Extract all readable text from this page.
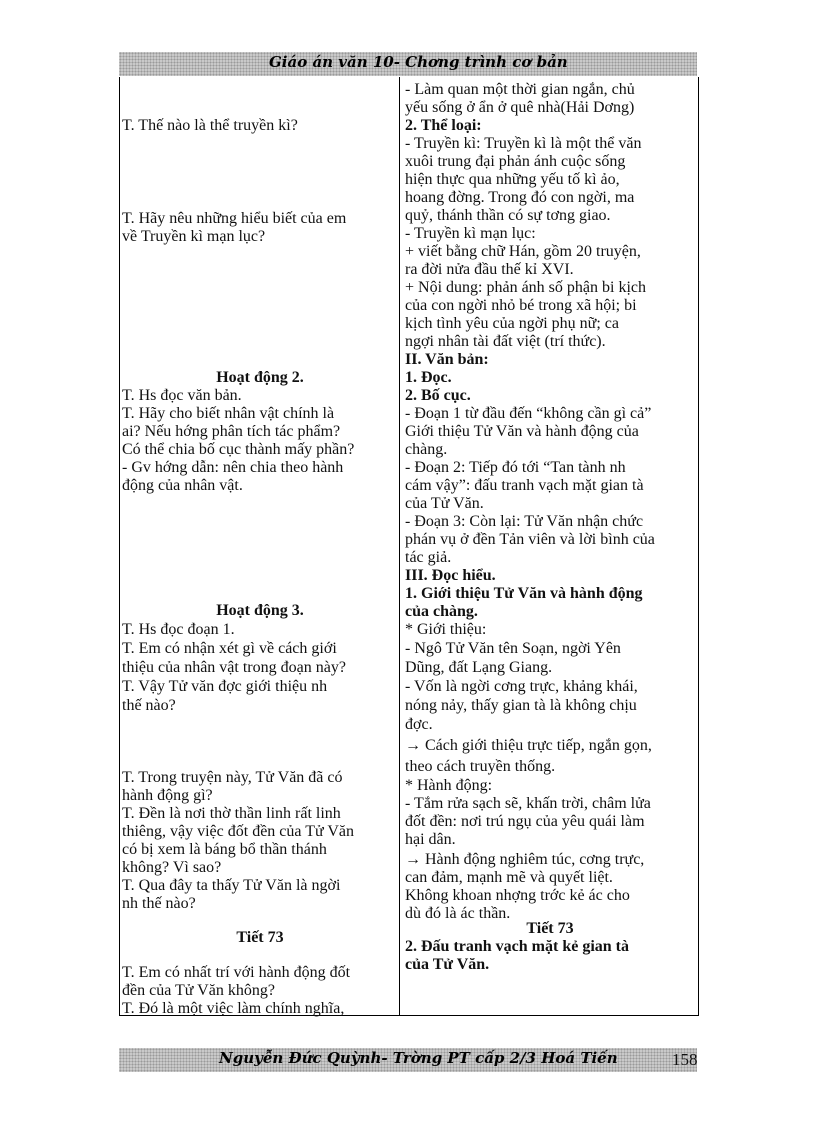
Giáo án văn 10- Chơng trình cơ bản
T. Thế nào là thể truyền kì?
T. Hãy nêu những hiểu biết của em
về Truyền kì mạn lục?
Hoạt động 2.
T. Hs đọc văn bản.
T. Hãy cho biết nhân vật chính là
ai? Nếu hớng phân tích tác phẩm?
Có thể chia bố cục thành mấy phần?
- Gv hớng dẫn: nên chia theo hành
động của nhân vật.
Hoạt động 3.
T. Hs đọc đoạn 1.
T. Em có nhận xét gì về cách giới
thiệu của nhân vật trong đoạn này?
T. Vậy Tử văn đợc giới thiệu nh
thế nào?
T. Trong truyện này, Tử Văn đã có
hành động gì?
T. Đền là nơi thờ thần linh rất linh
thiêng, vậy việc đốt đền của Tử Văn
có bị xem là báng bổ thần thánh
không? Vì sao?
T. Qua đây ta thấy Tử Văn là ngời
nh thế nào?
Tiết 73
T. Em có nhất trí với hành động đốt
đền của Tử Văn không?
T. Đó là một việc làm chính nghĩa,
- Làm quan một thời gian ngắn, chủ
yếu sống ở ẩn ở quê nhà(Hải Dơng)
2. Thể loại:
- Truyền kì: Truyền kì là một thể văn
xuôi trung đại phản ánh cuộc sống
hiện thực qua những yếu tố kì ảo,
hoang đờng. Trong đó con ngời, ma
quỷ, thánh thần có sự tơng giao.
- Truyền kì mạn lục:
+ viết bằng chữ Hán, gồm 20 truyện,
ra đời nửa đầu thế kỉ XVI.
+ Nội dung: phản ánh số phận bi kịch
của con ngời nhỏ bé trong xã hội; bi
kịch tình yêu của ngời phụ nữ; ca
ngợi nhân tài đất việt (trí thức).
II. Văn bản:
1. Đọc.
2. Bố cục.
- Đoạn 1 từ đầu đến “không cần gì cả”
Giới thiệu Tử Văn và hành động của
chàng.
- Đoạn 2: Tiếp đó tới “Tan tành nh
cám vậy”: đấu tranh vạch mặt gian tà
của Tử Văn.
- Đoạn 3: Còn lại: Tử Văn nhận chức
phán vụ ở đền Tản viên và lời bình của
tác giả.
III. Đọc hiểu.
1. Giới thiệu Tử Văn và hành động
của chàng.
* Giới thiệu:
- Ngô Tử Văn tên Soạn, ngời Yên
Dũng, đất Lạng Giang.
- Vốn là ngời cơng trực, khảng khái,
nóng nảy, thấy gian tà là không chịu
đợc.
→ Cách giới thiệu trực tiếp, ngắn gọn,
theo cách truyền thống.
* Hành động:
- Tắm rửa sạch sẽ, khấn trời, châm lửa
đốt đền: nơi trú ngụ của yêu quái làm
hại dân.
→ Hành động nghiêm túc, cơng trực,
can đảm, mạnh mẽ và quyết liệt.
Không khoan nhợng trớc kẻ ác cho
dù đó là ác thần.
Tiết 73
2. Đấu tranh vạch mặt kẻ gian tà
của Tử Văn.
Nguyễn Đức Quỳnh- Trờng PT cấp 2/3 Hoá Tiến	158
